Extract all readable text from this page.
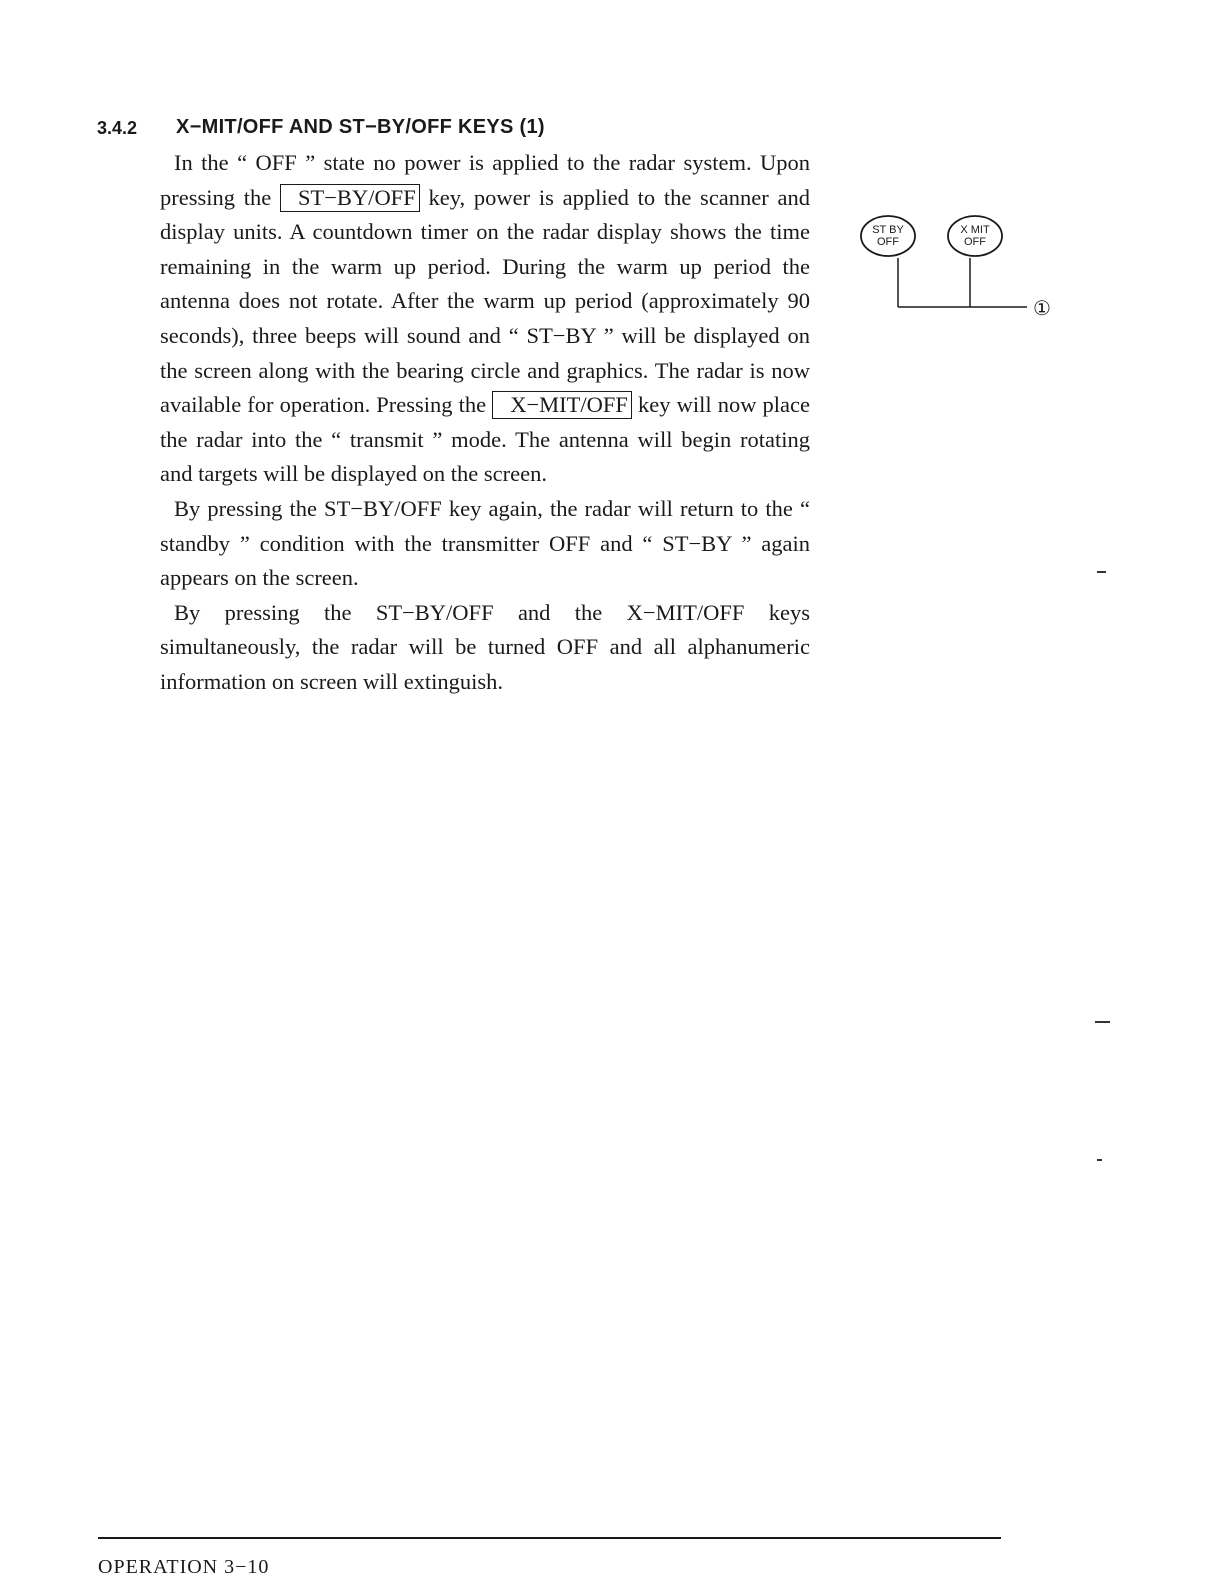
3.4.2 X−MIT/OFF AND ST−BY/OFF KEYS (1)

In the “ OFF ” state no power is applied to the radar system. Upon pressing the ST−BY/OFF key, power is applied to the scanner and display units. A countdown timer on the radar display shows the time remaining in the warm up period. During the warm up period the antenna does not rotate. After the warm up period (approximately 90 seconds), three beeps will sound and “ ST−BY ” will be displayed on the screen along with the bearing circle and graphics. The radar is now available for operation. Pressing the X−MIT/OFF key will now place the radar into the “ transmit ” mode. The antenna will begin rotating and targets will be displayed on the screen.

By pressing the ST−BY/OFF key again, the radar will return to the “ standby ” condition with the transmitter OFF and “ ST−BY ” again appears on the screen.

By pressing the ST−BY/OFF and the X−MIT/OFF keys simultaneously, the radar will be turned OFF and all alphanumeric information on screen will extinguish.

ST BY
OFF
X MIT
OFF
①
OPERATION 3−10
